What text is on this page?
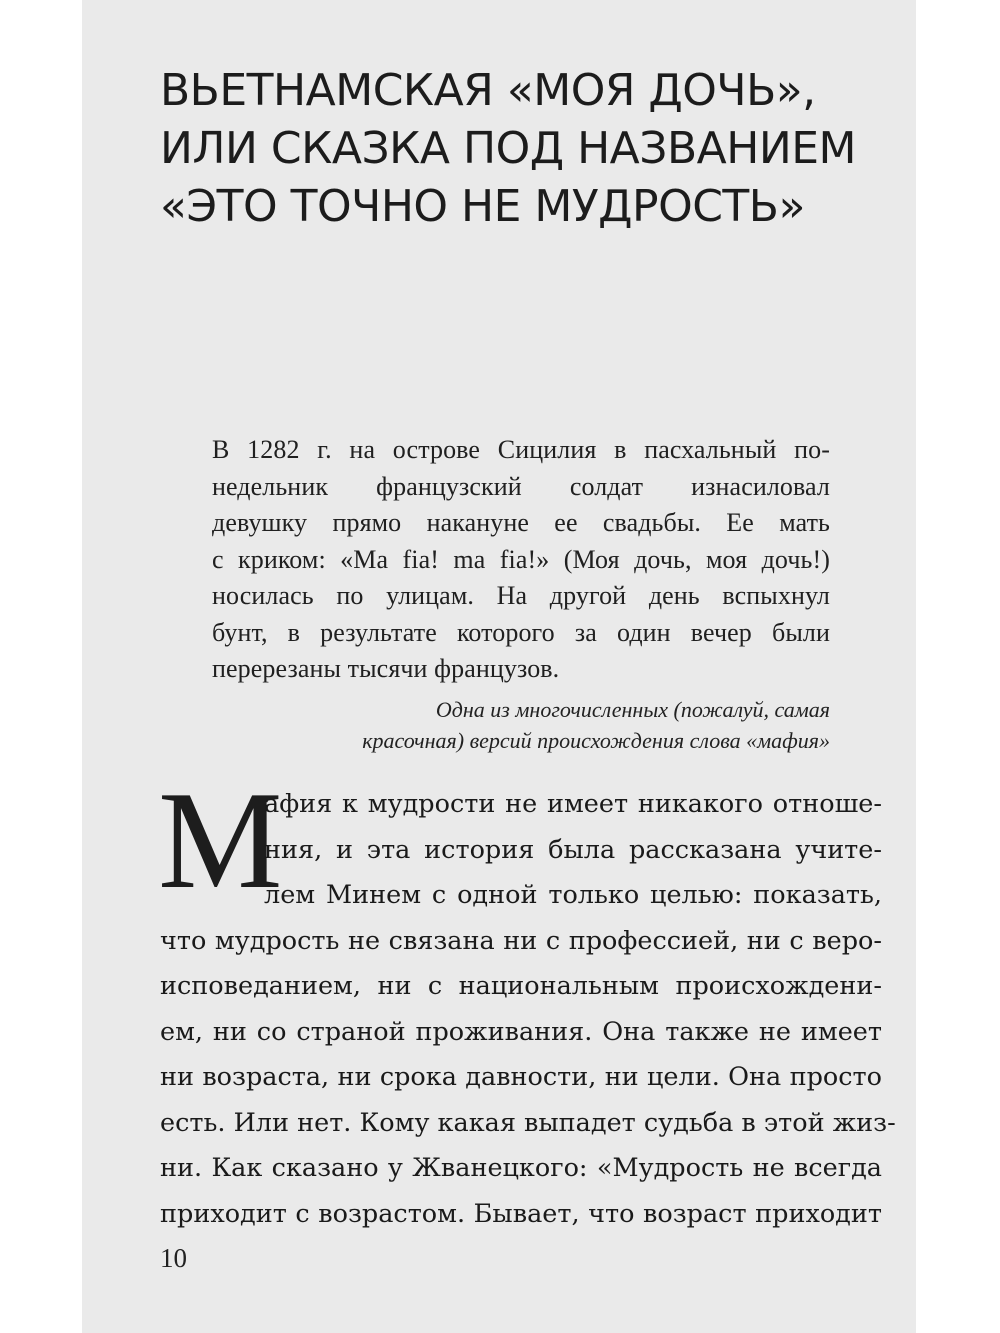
ВЬЕТНАМСКАЯ «МОЯ ДОЧЬ»,
ИЛИ СКАЗКА ПОД НАЗВАНИЕМ
«ЭТО ТОЧНО НЕ МУДРОСТЬ»

В 1282 г. на острове Сицилия в пасхальный по-
недельник французский солдат изнасиловал
девушку прямо накануне ее свадьбы. Ее мать
с криком: «Ma fia! ma fia!» (Моя дочь, моя дочь!)
носилась по улицам. На другой день вспыхнул
бунт, в результате которого за один вечер были
перерезаны тысячи французов.

Одна из многочисленных (пожалуй, самая
красочная) версий происхождения слова «мафия»
М
афия к мудрости не имеет никакого отноше-
ния, и эта история была рассказана учите-
лем Минем с одной только целью: показать,
что мудрость не связана ни с профессией, ни с веро-
исповеданием, ни с национальным происхождени-
ем, ни со страной проживания. Она также не имеет
ни возраста, ни срока давности, ни цели. Она просто
есть. Или нет. Кому какая выпадет судьба в этой жиз-
ни. Как сказано у Жванецкого: «Мудрость не всегда
приходит с возрастом. Бывает, что возраст приходит
10
